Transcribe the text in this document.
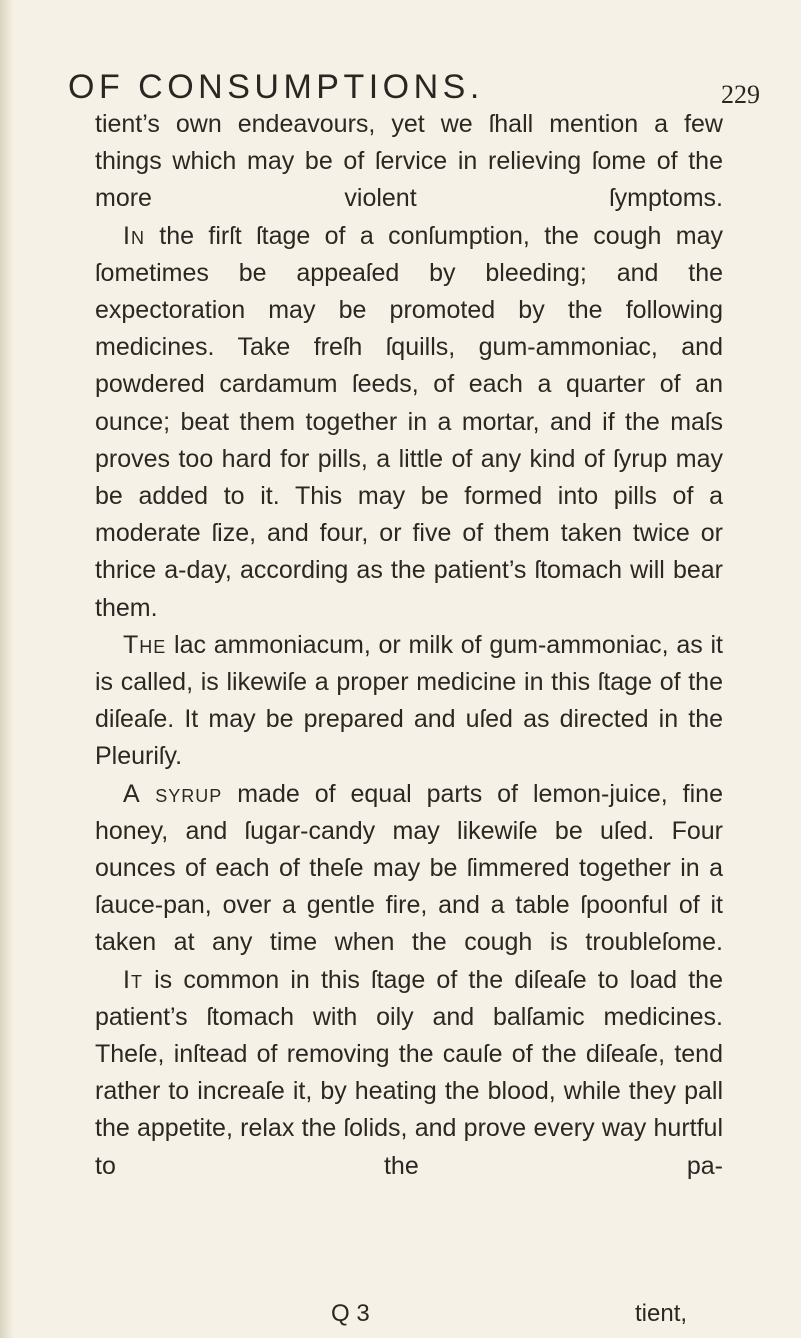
OF CONSUMPTIONS.	229

tient’s own endeavours, yet we ſhall mention a few things which may be of ſervice in relieving ſome of the more violent ſymptoms.

In the firſt ſtage of a conſumption, the cough may ſometimes be appeaſed by bleeding; and the expectoration may be promoted by the following medicines. Take freſh ſquills, gum-ammoniac, and powdered cardamum ſeeds, of each a quarter of an ounce; beat them together in a mortar, and if the maſs proves too hard for pills, a little of any kind of ſyrup may be added to it. This may be formed into pills of a moderate ſize, and four, or five of them taken twice or thrice a-day, according as the patient’s ſtomach will bear them.

The lac ammoniacum, or milk of gum-ammoniac, as it is called, is likewiſe a proper medicine in this ſtage of the diſeaſe. It may be prepared and uſed as directed in the Pleuriſy.

A syrup made of equal parts of lemon-juice, fine honey, and ſugar-candy may likewiſe be uſed. Four ounces of each of theſe may be ſimmered together in a ſauce-pan, over a gentle fire, and a table ſpoonful of it taken at any time when the cough is troubleſome.

It is common in this ſtage of the diſeaſe to load the patient’s ſtomach with oily and balſamic medicines. Theſe, inſtead of removing the cauſe of the diſeaſe, tend rather to increaſe it, by heating the blood, while they pall the appetite, relax the ſolids, and prove every way hurtful to the pa-

Q 3	tient,
